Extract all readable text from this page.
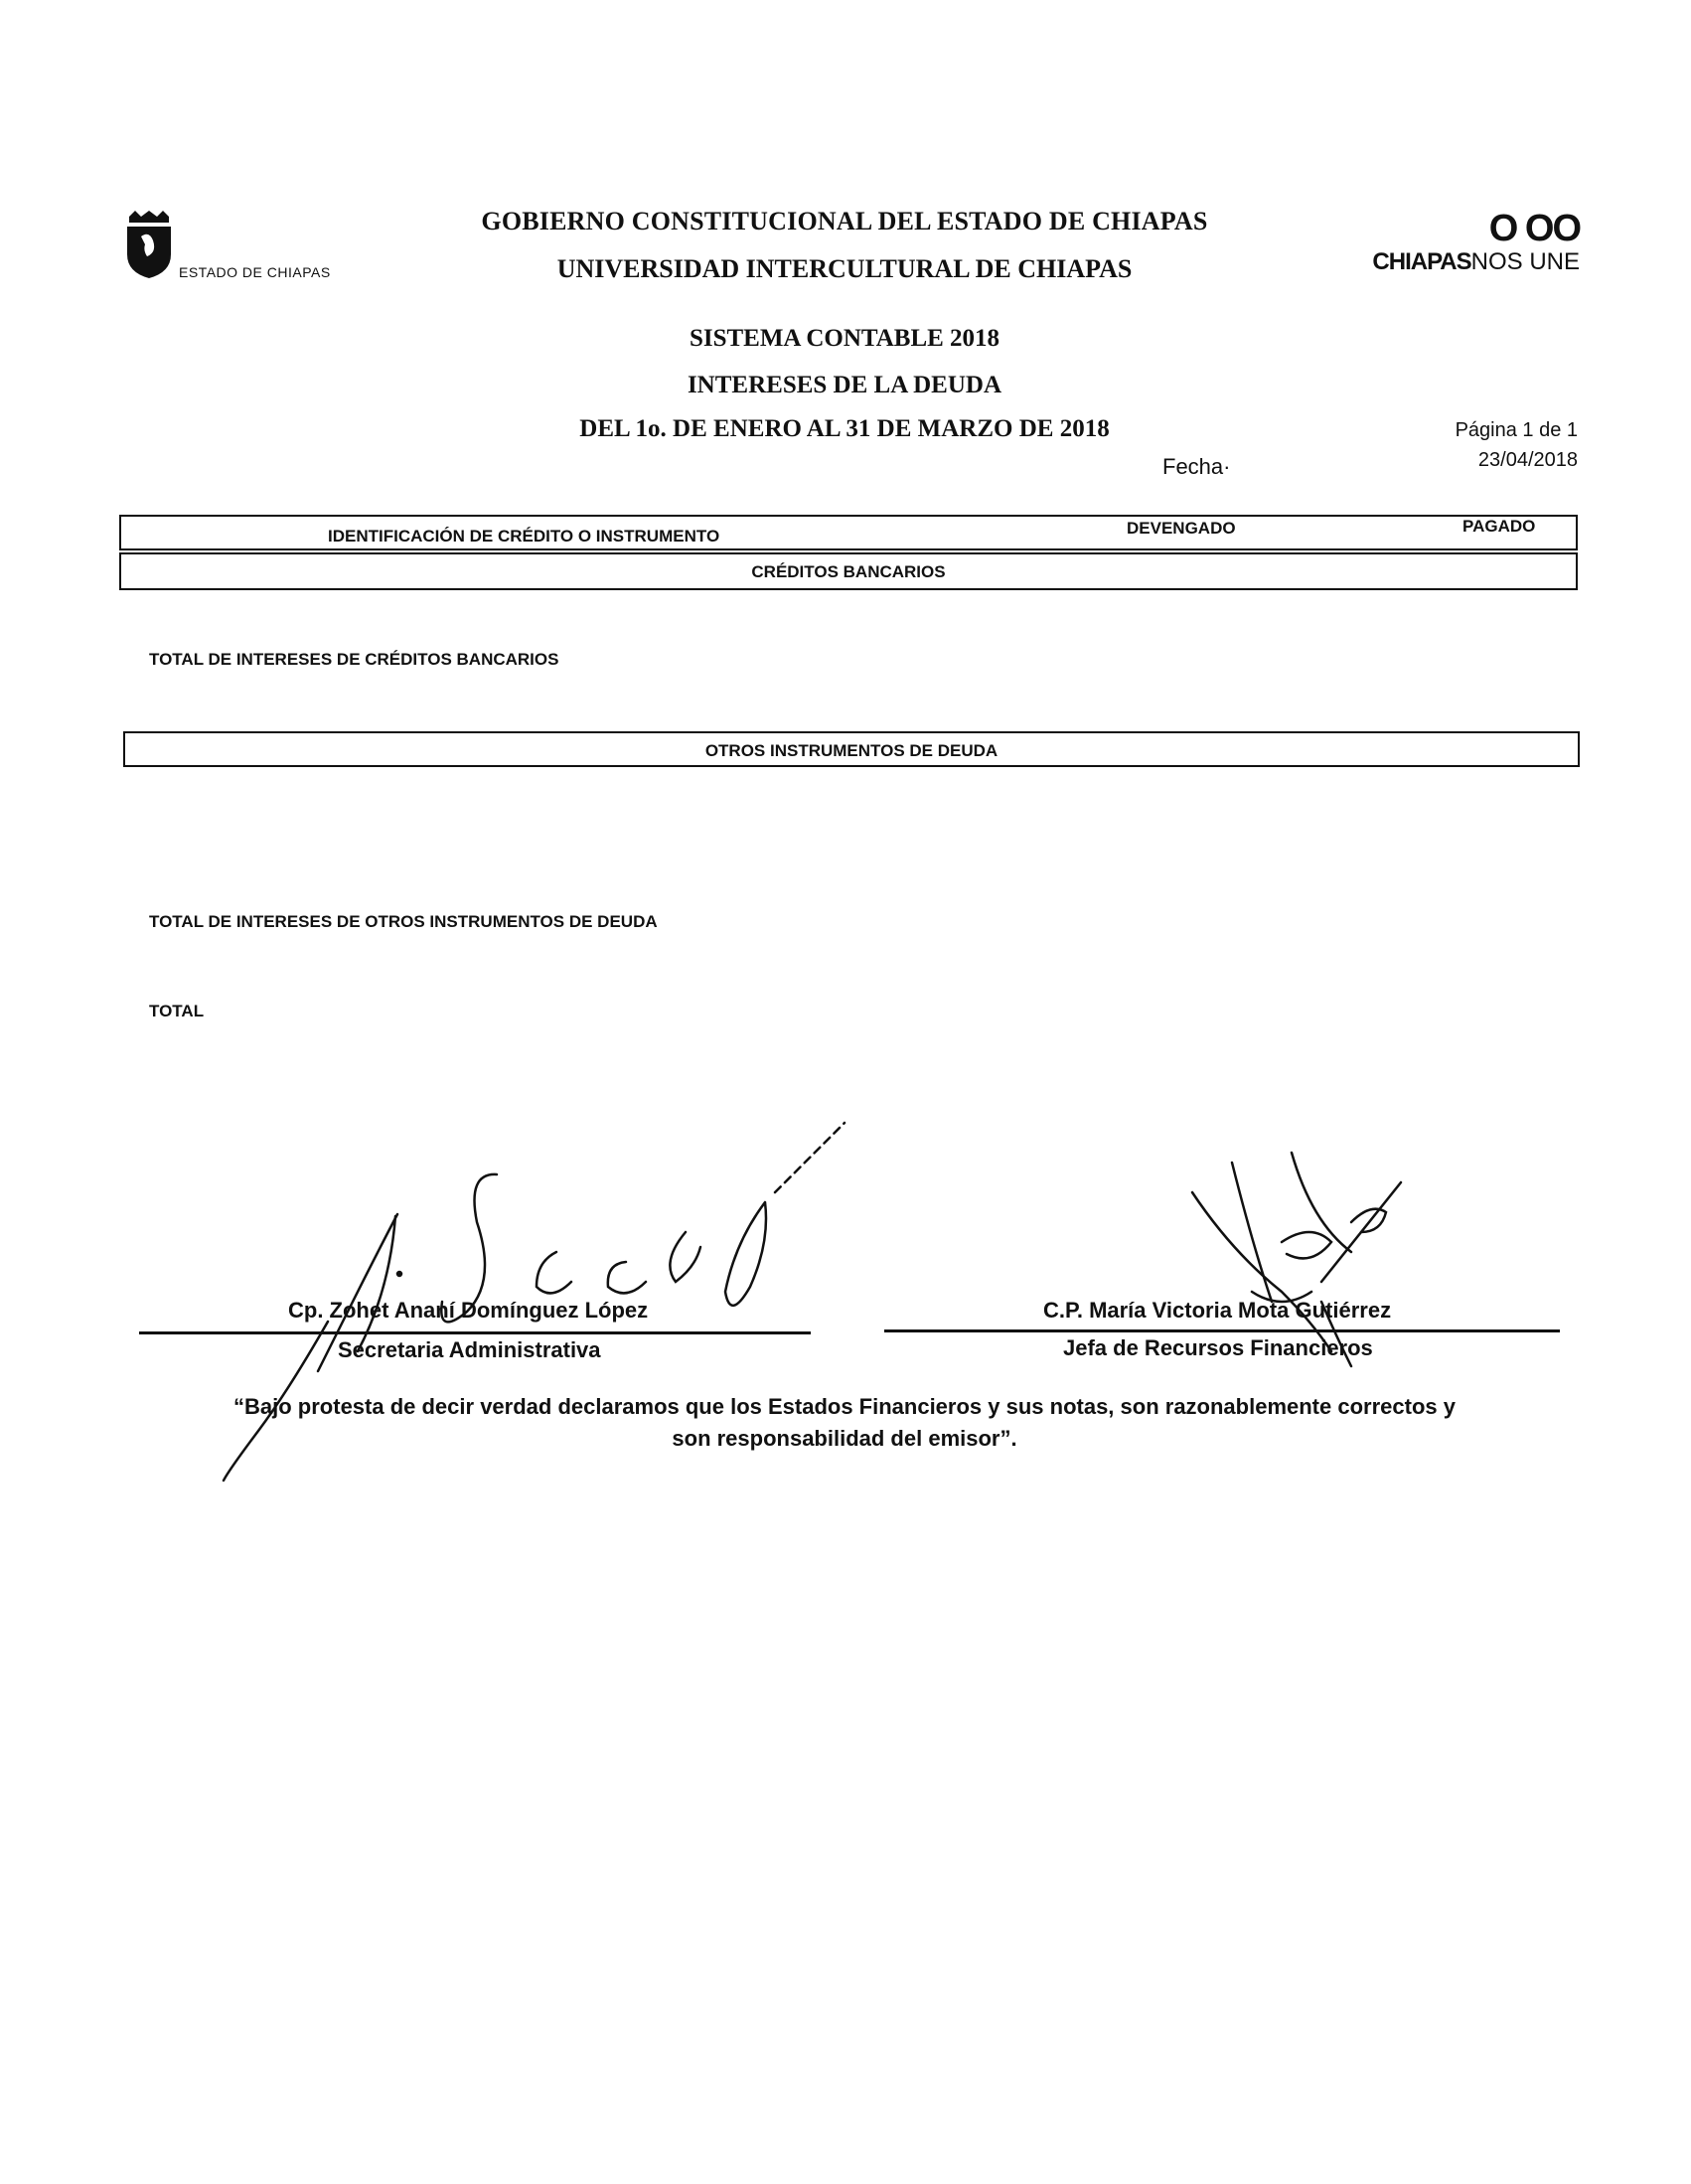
ESTADO DE CHIAPAS
O OO
CHIAPASNOS UNE
GOBIERNO CONSTITUCIONAL DEL ESTADO DE CHIAPAS
UNIVERSIDAD INTERCULTURAL DE CHIAPAS
SISTEMA CONTABLE 2018
INTERESES DE LA DEUDA
DEL 1o. DE ENERO AL 31 DE MARZO DE 2018	Página 1 de 1
Fecha·	23/04/2018
IDENTIFICACIÓN DE CRÉDITO O INSTRUMENTO	DEVENGADO	PAGADO
CRÉDITOS BANCARIOS
TOTAL DE INTERESES DE CRÉDITOS BANCARIOS
OTROS INSTRUMENTOS DE DEUDA
TOTAL DE INTERESES DE OTROS INSTRUMENTOS DE DEUDA
TOTAL
Cp. Zohet Ananí Domínguez López
Secretaria Administrativa
C.P. María Victoria Mota Gutiérrez
Jefa de Recursos Financieros
“Bajo protesta de decir verdad declaramos que los Estados Financieros y sus notas, son razonablemente correctos y
son responsabilidad del emisor”.
